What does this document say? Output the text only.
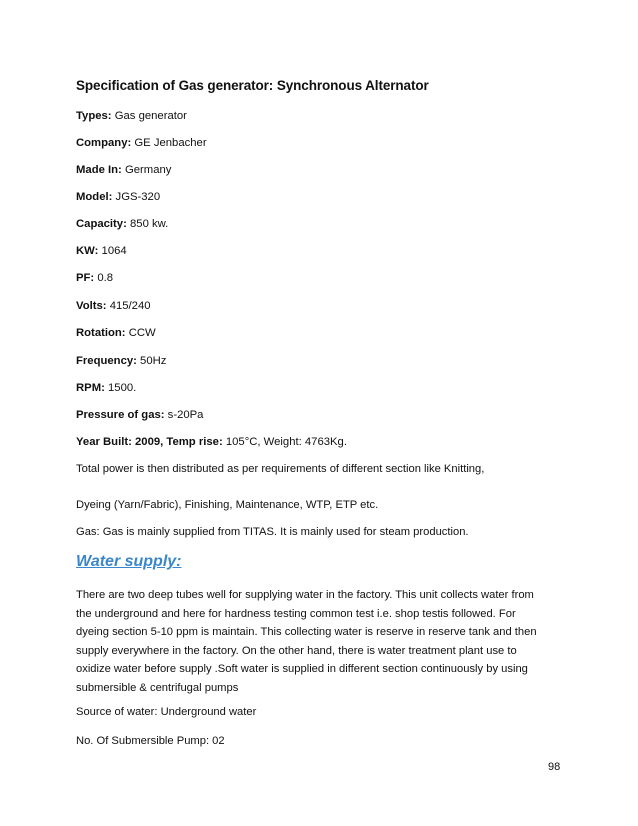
Specification of Gas generator: Synchronous Alternator
Types: Gas generator
Company: GE Jenbacher
Made In: Germany
Model: JGS-320
Capacity: 850 kw.
KW: 1064
PF: 0.8
Volts: 415/240
Rotation: CCW
Frequency: 50Hz
RPM: 1500.
Pressure of gas: s-20Pa
Year Built: 2009, Temp rise: 105°C, Weight: 4763Kg.
Total power is then distributed as per requirements of different section like Knitting,
Dyeing (Yarn/Fabric), Finishing, Maintenance, WTP, ETP etc.
Gas: Gas is mainly supplied from TITAS. It is mainly used for steam production.
Water supply:
There are two deep tubes well for supplying water in the factory. This unit collects water from
the underground and here for hardness testing common test i.e. shop testis followed. For
dyeing section 5-10 ppm is maintain. This collecting water is reserve in reserve tank and then
supply everywhere in the factory. On the other hand, there is water treatment plant use to
oxidize water before supply .Soft water is supplied in different section continuously by using
submersible & centrifugal pumps
Source of water: Underground water
No. Of Submersible Pump: 02
98
